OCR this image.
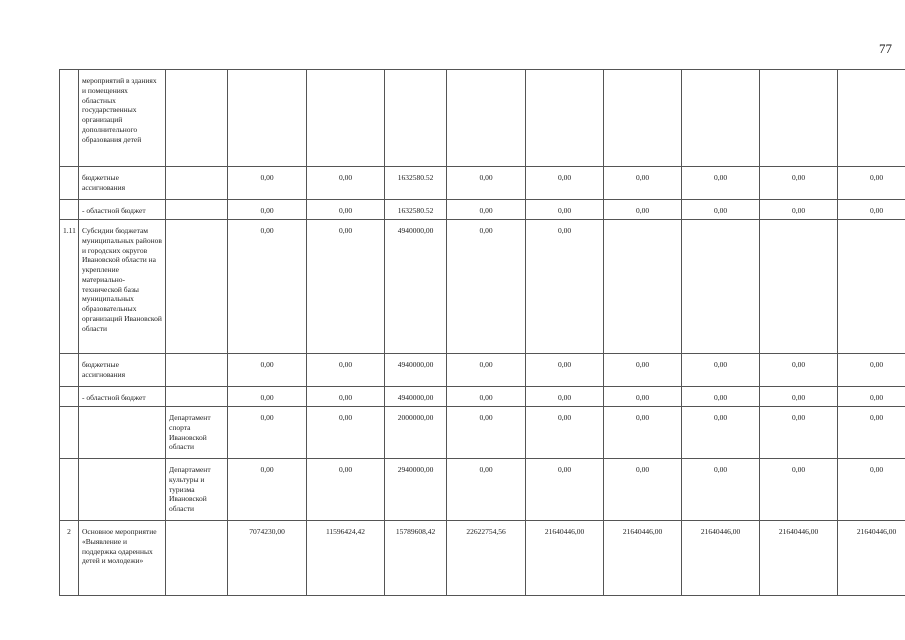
77
	мероприятий в зданиях и помещениях областных государственных организаций дополнительного образования детей										
	бюджетные ассигнования		0,00	0,00	1632580.52	0,00	0,00	0,00	0,00	0,00	0,00
	- областной бюджет		0,00	0,00	1632580.52	0,00	0,00	0,00	0,00	0,00	0,00
1.11	Субсидии бюджетам муниципальных районов и городских округов Ивановской области на укрепление материально-технической базы муниципальных образовательных организаций Ивановской области		0,00	0,00	4940000,00	0,00	0,00				
	бюджетные ассигнования		0,00	0,00	4940000,00	0,00	0,00	0,00	0,00	0,00	0,00
	- областной бюджет		0,00	0,00	4940000,00	0,00	0,00	0,00	0,00	0,00	0,00
		Департамент спорта Ивановской области	0,00	0,00	2000000,00	0,00	0,00	0,00	0,00	0,00	0,00
		Департамент культуры и туризма Ивановской области	0,00	0,00	2940000,00	0,00	0,00	0,00	0,00	0,00	0,00
2	Основное мероприятие «Выявление и поддержка одаренных детей и молодежи»		7074230,00	11596424,42	15789608,42	22622754,56	21640446,00	21640446,00	21640446,00	21640446,00	21640446,00
